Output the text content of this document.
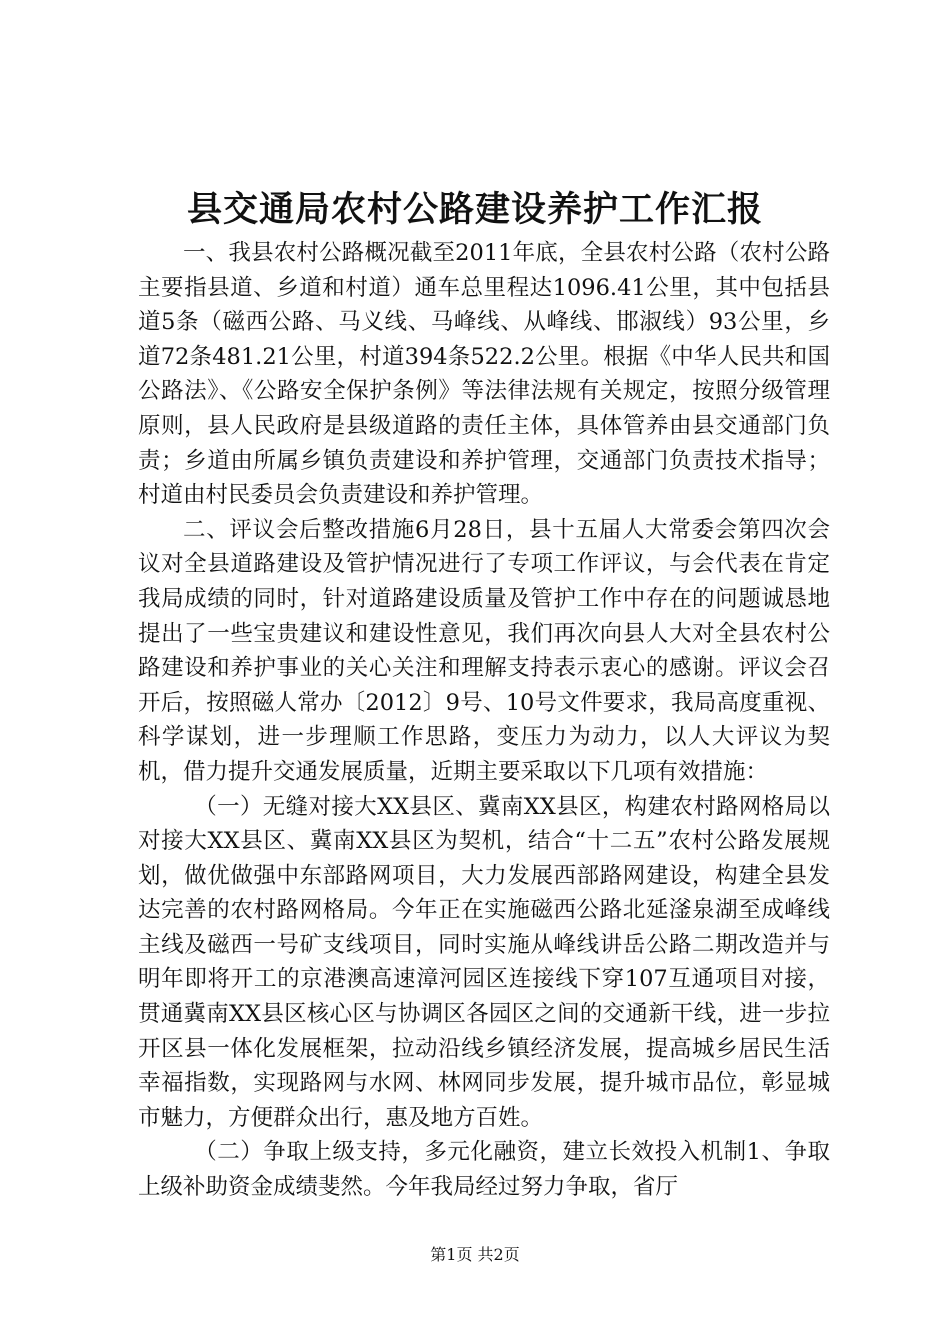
县交通局农村公路建设养护工作汇报

一、我县农村公路概况截至2011年底，全县农村公路（农村公路主要指县道、乡道和村道）通车总里程达1096.41公里，其中包括县道5条（磁西公路、马义线、马峰线、从峰线、邯淑线）93公里，乡道72条481.21公里，村道394条522.2公里。根据《中华人民共和国公路法》、《公路安全保护条例》等法律法规有关规定，按照分级管理原则，县人民政府是县级道路的责任主体，具体管养由县交通部门负责；乡道由所属乡镇负责建设和养护管理，交通部门负责技术指导；村道由村民委员会负责建设和养护管理。

二、评议会后整改措施6月28日，县十五届人大常委会第四次会议对全县道路建设及管护情况进行了专项工作评议，与会代表在肯定我局成绩的同时，针对道路建设质量及管护工作中存在的问题诚恳地提出了一些宝贵建议和建设性意见，我们再次向县人大对全县农村公路建设和养护事业的关心关注和理解支持表示衷心的感谢。评议会召开后，按照磁人常办〔2012〕9号、10号文件要求，我局高度重视、科学谋划，进一步理顺工作思路，变压力为动力，以人大评议为契机，借力提升交通发展质量，近期主要采取以下几项有效措施：

（一）无缝对接大XX县区、冀南XX县区，构建农村路网格局以对接大XX县区、冀南XX县区为契机，结合“十二五”农村公路发展规划，做优做强中东部路网项目，大力发展西部路网建设，构建全县发达完善的农村路网格局。今年正在实施磁西公路北延滏泉湖至成峰线主线及磁西一号矿支线项目，同时实施从峰线讲岳公路二期改造并与明年即将开工的京港澳高速漳河园区连接线下穿107互通项目对接，贯通冀南XX县区核心区与协调区各园区之间的交通新干线，进一步拉开区县一体化发展框架，拉动沿线乡镇经济发展，提高城乡居民生活幸福指数，实现路网与水网、林网同步发展，提升城市品位，彰显城市魅力，方便群众出行，惠及地方百姓。

（二）争取上级支持，多元化融资，建立长效投入机制1、争取上级补助资金成绩斐然。今年我局经过努力争取，省厅

第1页 共2页
